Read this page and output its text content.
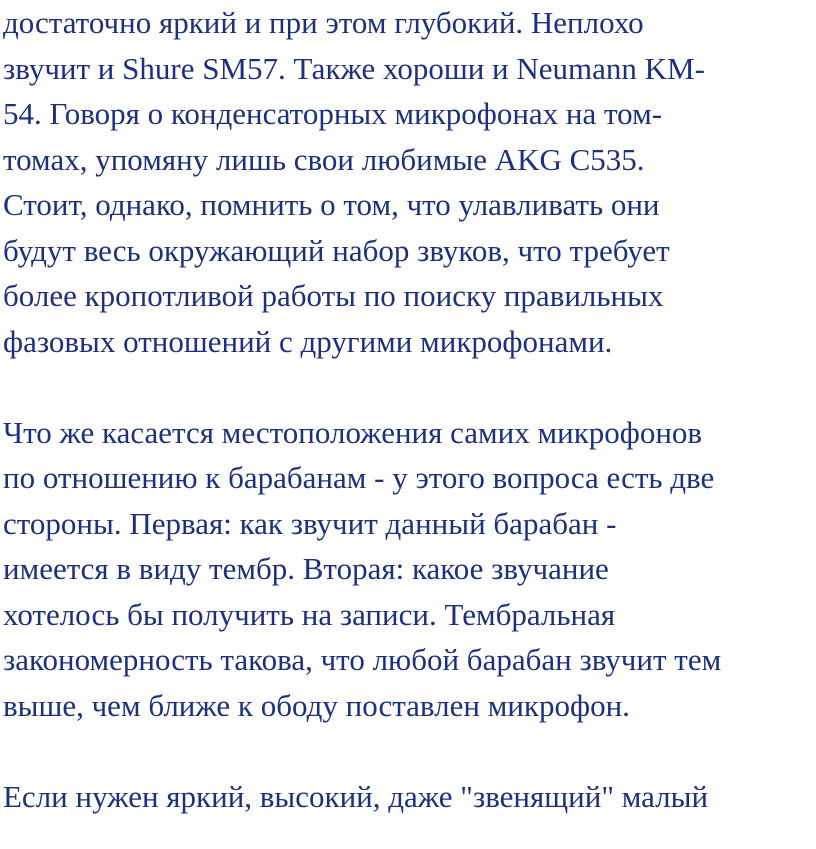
достаточно яркий и при этом глубокий. Неплохо
звучит и Shure SM57. Также хороши и Neumann KM-
54. Говоря о конденсаторных микрофонах на том-
томах, упомяну лишь свои любимые AKG C535.
Стоит, однако, помнить о том, что улавливать они
будут весь окружающий набор звуков, что требует
более кропотливой работы по поиску правильных
фазовых отношений с другими микрофонами.

Что же касается местоположения самих микрофонов
по отношению к барабанам - у этого вопроса есть две
стороны. Первая: как звучит данный барабан -
имеется в виду тембр. Вторая: какое звучание
хотелось бы получить на записи. Тембральная
закономерность такова, что любой барабан звучит тем
выше, чем ближе к ободу поставлен микрофон.

Если нужен яркий, высокий, даже "звенящий" малый
